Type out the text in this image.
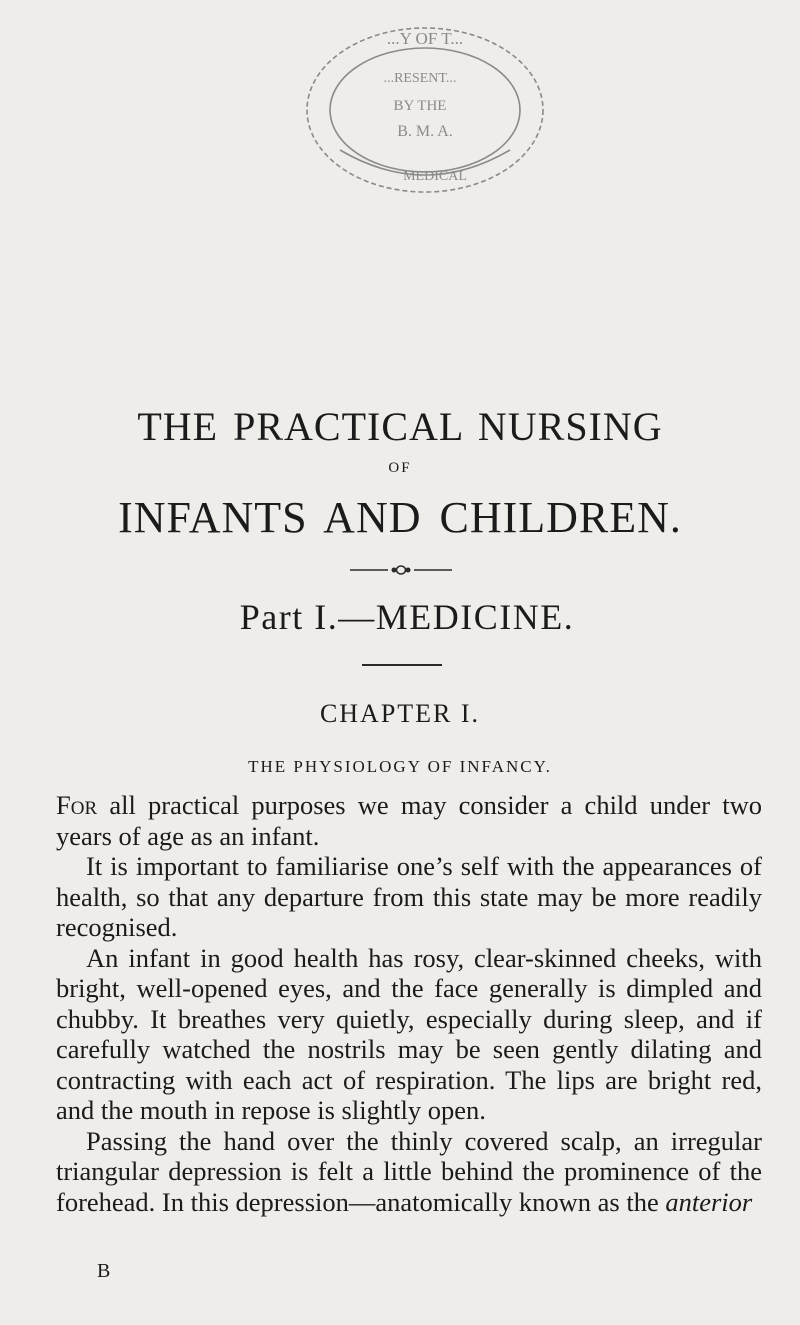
...Y OF T...
...RESENT...
BY THE
B. M. A.
MEDICAL
THE PRACTICAL NURSING
OF
INFANTS AND CHILDREN.
Part I.—MEDICINE.
CHAPTER I.
THE PHYSIOLOGY OF INFANCY.

For all practical purposes we may consider a child under two years of age as an infant.

It is important to familiarise one’s self with the appearances of health, so that any departure from this state may be more readily recognised.

An infant in good health has rosy, clear-skinned cheeks, with bright, well-opened eyes, and the face generally is dimpled and chubby. It breathes very quietly, especially during sleep, and if carefully watched the nostrils may be seen gently dilating and contracting with each act of respiration. The lips are bright red, and the mouth in repose is slightly open.

Passing the hand over the thinly covered scalp, an irregular triangular depression is felt a little behind the prominence of the forehead. In this depression—anatomically known as the anterior

B
